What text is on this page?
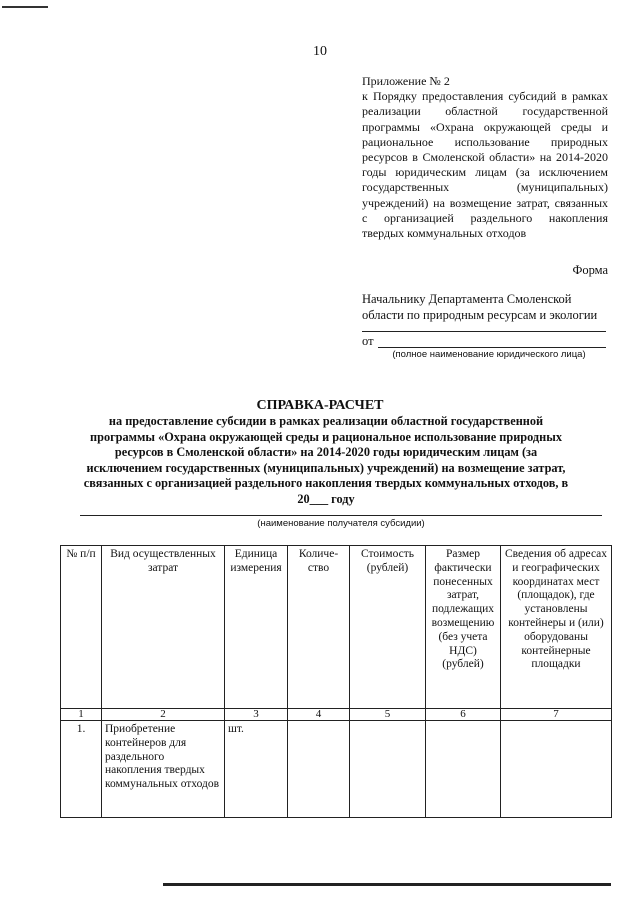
10
Приложение № 2
к Порядку предоставления субсидий в рамках реализации областной государственной программы «Охрана окружающей среды и рациональное использование природных ресурсов в Смоленской области» на 2014-2020 годы юридическим лицам (за исключением государственных (муниципальных) учреждений) на возмещение затрат, связанных с организацией раздельного накопления твердых коммунальных отходов
Форма
Начальнику Департамента Смоленской области по природным ресурсам и экологии
от
(полное наименование юридического лица)
СПРАВКА-РАСЧЕТ
на предоставление субсидии в рамках реализации областной государственной программы «Охрана окружающей среды и рациональное использование природных ресурсов в Смоленской области» на 2014-2020 годы юридическим лицам (за исключением государственных (муниципальных) учреждений) на возмещение затрат, связанных с организацией раздельного накопления твердых коммунальных отходов, в 20___ году
(наименование получателя субсидии)
№ п/п	Вид осуществленных затрат	Единица измерения	Количе-ство	Стоимость (рублей)	Размер фактически понесенных затрат, подлежащих возмещению (без учета НДС) (рублей)	Сведения об адресах и географических координатах мест (площадок), где установлены контейнеры и (или) оборудованы контейнерные площадки
1	2	3	4	5	6	7
1.	Приобретение контейнеров для раздельного накопления твердых коммунальных отходов	шт.				
